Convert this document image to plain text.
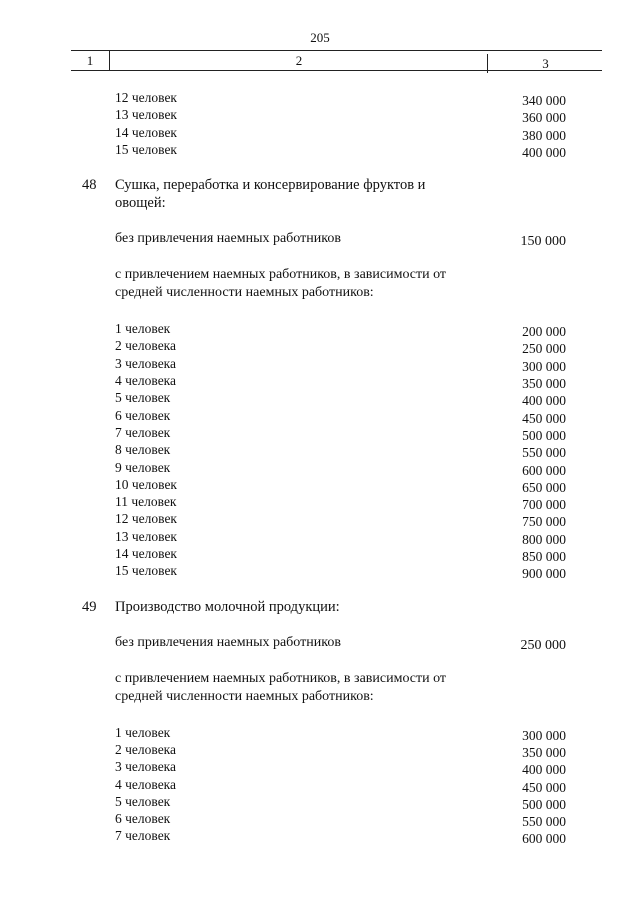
205
1	2	3
12 человек	340 000
13 человек	360 000
14 человек	380 000
15 человек	400 000
48 Сушка, переработка и консервирование фруктов и овощей:
без привлечения наемных работников	150 000
с привлечением наемных работников, в зависимости от средней численности наемных работников:
1 человек	200 000
2 человека	250 000
3 человека	300 000
4 человека	350 000
5 человек	400 000
6 человек	450 000
7 человек	500 000
8 человек	550 000
9 человек	600 000
10 человек	650 000
11 человек	700 000
12 человек	750 000
13 человек	800 000
14 человек	850 000
15 человек	900 000
49 Производство молочной продукции:
без привлечения наемных работников	250 000
с привлечением наемных работников, в зависимости от средней численности наемных работников:
1 человек	300 000
2 человека	350 000
3 человека	400 000
4 человека	450 000
5 человек	500 000
6 человек	550 000
7 человек	600 000
